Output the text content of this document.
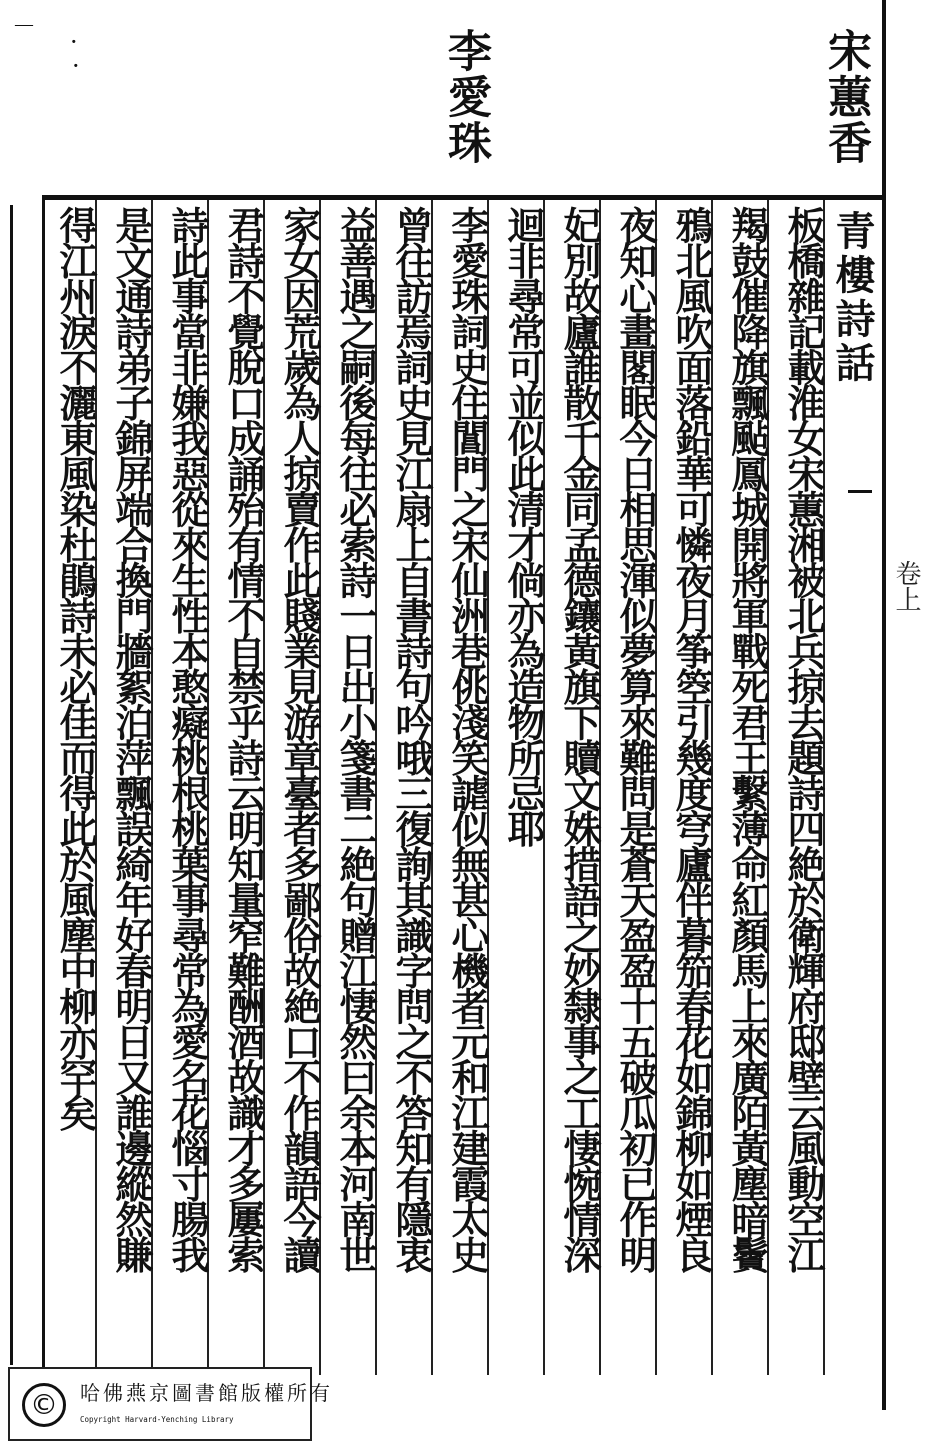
宋蕙香
李愛珠
－
·
·
卷上
青樓詩話
板橋雜記載淮女宋蕙湘被北兵掠去題詩四絶於衛輝府邸壁云風動空江
羯鼓催降旗飄颭鳳城開將軍戰死君王繫薄命紅顏馬上來廣陌黃塵暗鬢
鴉北風吹面落鉛華可憐夜月筝箜引幾度穹廬伴暮笳春花如錦柳如煙良
夜知心畫閣眠今日相思渾似夢算來難問是蒼天盈盈十五破瓜初已作明
妃別故廬誰散千金同孟德鑲黃旗下贖文姝措語之妙隸事之工悽惋情深
迴非尋常可並似此清才倘亦為造物所忌耶
李愛珠詞史住閶門之宋仙洲巷佻淺笑謔似無甚心機者元和江建霞太史
曾往訪焉詞史見江扇上自書詩句吟哦三復詢其識字問之不答知有隱衷
益善遇之嗣後每往必索詩一日出小箋書二絶句贈江悽然曰余本河南世
家女因荒歲為人掠賣作此賤業見游章臺者多鄙俗故絶口不作韻語今讀
君詩不覺脫口成誦殆有情不自禁乎詩云明知量窄難酬酒故識才多屢索
詩此事當非嫌我惡從來生性本憨癡桃根桃葉事尋常為愛名花惱寸腸我
是文通詩弟子錦屏端合換門牆絮泊萍飄誤綺年好春明日又誰邊縱然賺
得江州淚不灑東風染杜鵑詩未必佳而得此於風塵中柳亦罕矣
©	哈佛燕京圖書館版權所有
Copyright Harvard-Yenching Library
